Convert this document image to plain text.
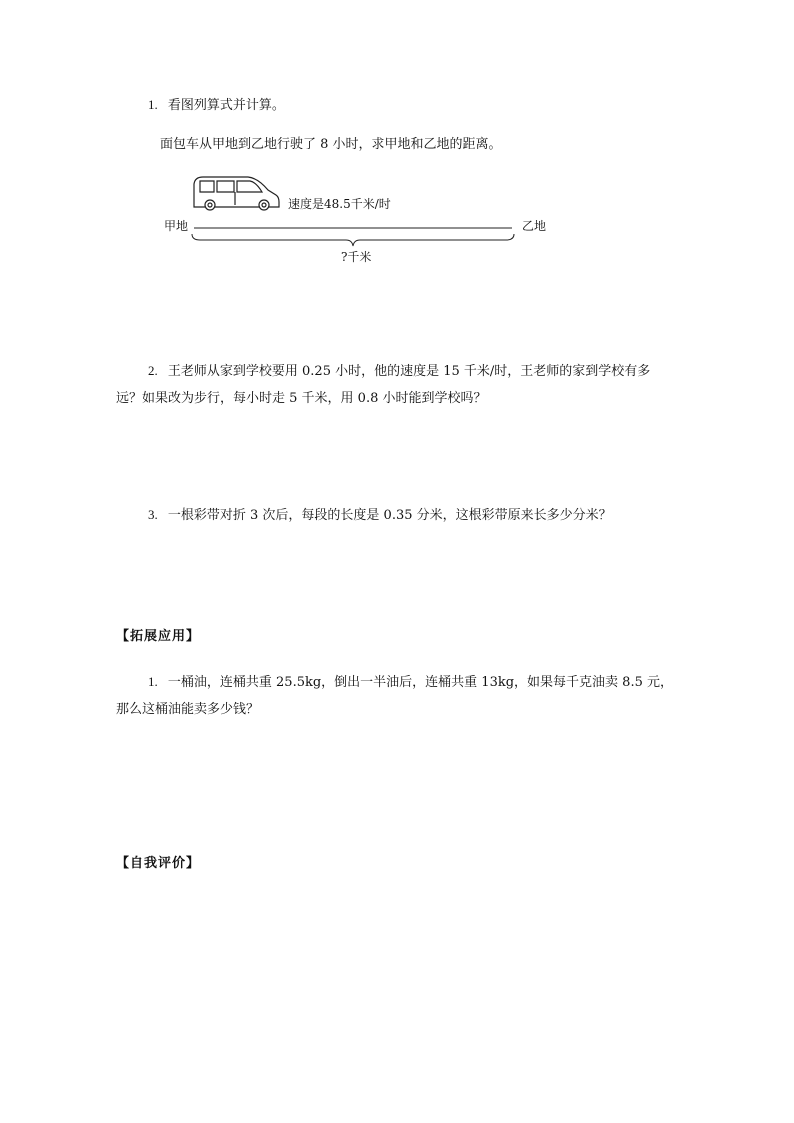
1. 看图列算式并计算。
面包车从甲地到乙地行驶了 8 小时，求甲地和乙地的距离。
速度是48.5千米/时
甲地	乙地
?千米
2. 王老师从家到学校要用 0.25 小时，他的速度是 15 千米/时，王老师的家到学校有多
远？如果改为步行，每小时走 5 千米，用 0.8 小时能到学校吗？
3. 一根彩带对折 3 次后，每段的长度是 0.35 分米，这根彩带原来长多少分米？
【拓展应用】
1. 一桶油，连桶共重 25.5kg，倒出一半油后，连桶共重 13kg，如果每千克油卖 8.5 元，
那么这桶油能卖多少钱？
【自我评价】
